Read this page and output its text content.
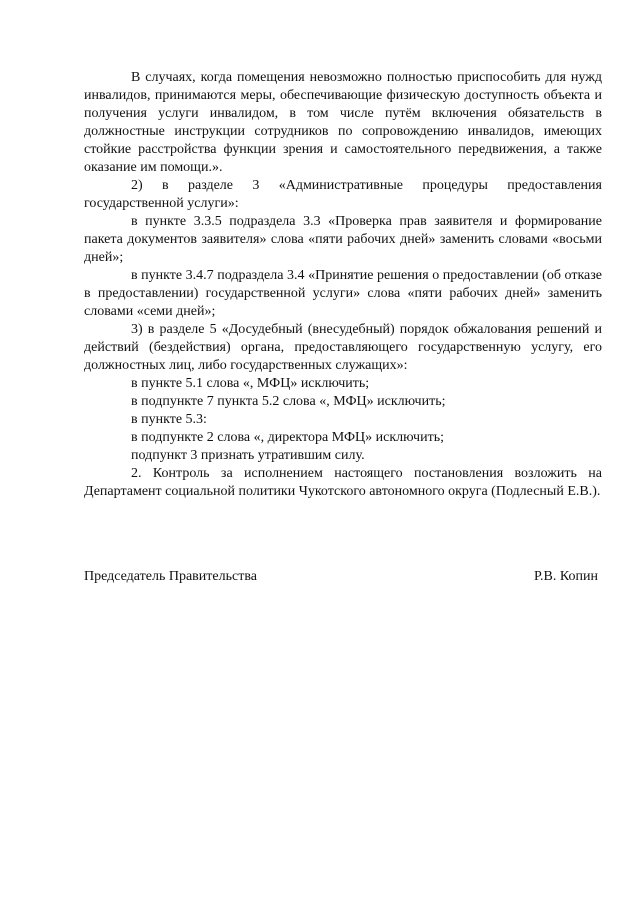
В случаях, когда помещения невозможно полностью приспособить для нужд инвалидов, принимаются меры, обеспечивающие физическую доступность объекта и получения услуги инвалидом, в том числе путём включения обязательств в должностные инструкции сотрудников по сопровождению инвалидов, имеющих стойкие расстройства функции зрения и самостоятельного передвижения, а также оказание им помощи.».

2) в разделе 3 «Административные процедуры предоставления государственной услуги»:

в пункте 3.3.5 подраздела 3.3 «Проверка прав заявителя и формирование пакета документов заявителя» слова «пяти рабочих дней» заменить словами «восьми дней»;

в пункте 3.4.7 подраздела 3.4 «Принятие решения о предоставлении (об отказе в предоставлении) государственной услуги» слова «пяти рабочих дней» заменить словами «семи дней»;

3) в разделе 5 «Досудебный (внесудебный) порядок обжалования решений и действий (бездействия) органа, предоставляющего государственную услугу, его должностных лиц, либо государственных служащих»:

в пункте 5.1 слова «, МФЦ» исключить;

в подпункте 7 пункта 5.2 слова «, МФЦ» исключить;

в пункте 5.3:

в подпункте 2 слова «, директора МФЦ» исключить;

подпункт 3 признать утратившим силу.

2. Контроль за исполнением настоящего постановления возложить на Департамент социальной политики Чукотского автономного округа (Подлесный Е.В.).

Председатель Правительства	Р.В. Копин
